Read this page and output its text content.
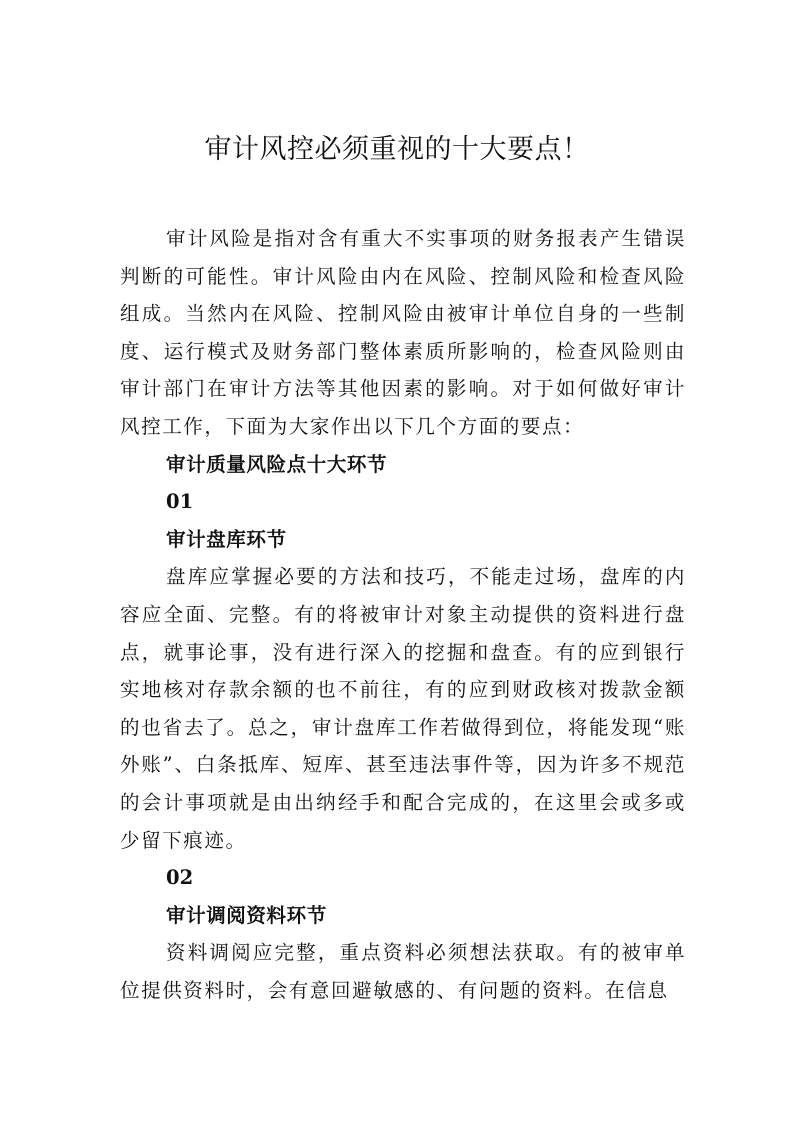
审计风控必须重视的十大要点！

审计风险是指对含有重大不实事项的财务报表产生错误判断的可能性。审计风险由内在风险、控制风险和检查风险组成。当然内在风险、控制风险由被审计单位自身的一些制度、运行模式及财务部门整体素质所影响的，检查风险则由审计部门在审计方法等其他因素的影响。对于如何做好审计风控工作，下面为大家作出以下几个方面的要点：

审计质量风险点十大环节

01

审计盘库环节

盘库应掌握必要的方法和技巧，不能走过场，盘库的内容应全面、完整。有的将被审计对象主动提供的资料进行盘点，就事论事，没有进行深入的挖掘和盘查。有的应到银行实地核对存款余额的也不前往，有的应到财政核对拨款金额的也省去了。总之，审计盘库工作若做得到位，将能发现“账外账”、白条抵库、短库、甚至违法事件等，因为许多不规范的会计事项就是由出纳经手和配合完成的，在这里会或多或少留下痕迹。

02

审计调阅资料环节

资料调阅应完整，重点资料必须想法获取。有的被审单位提供资料时，会有意回避敏感的、有问题的资料。在信息
